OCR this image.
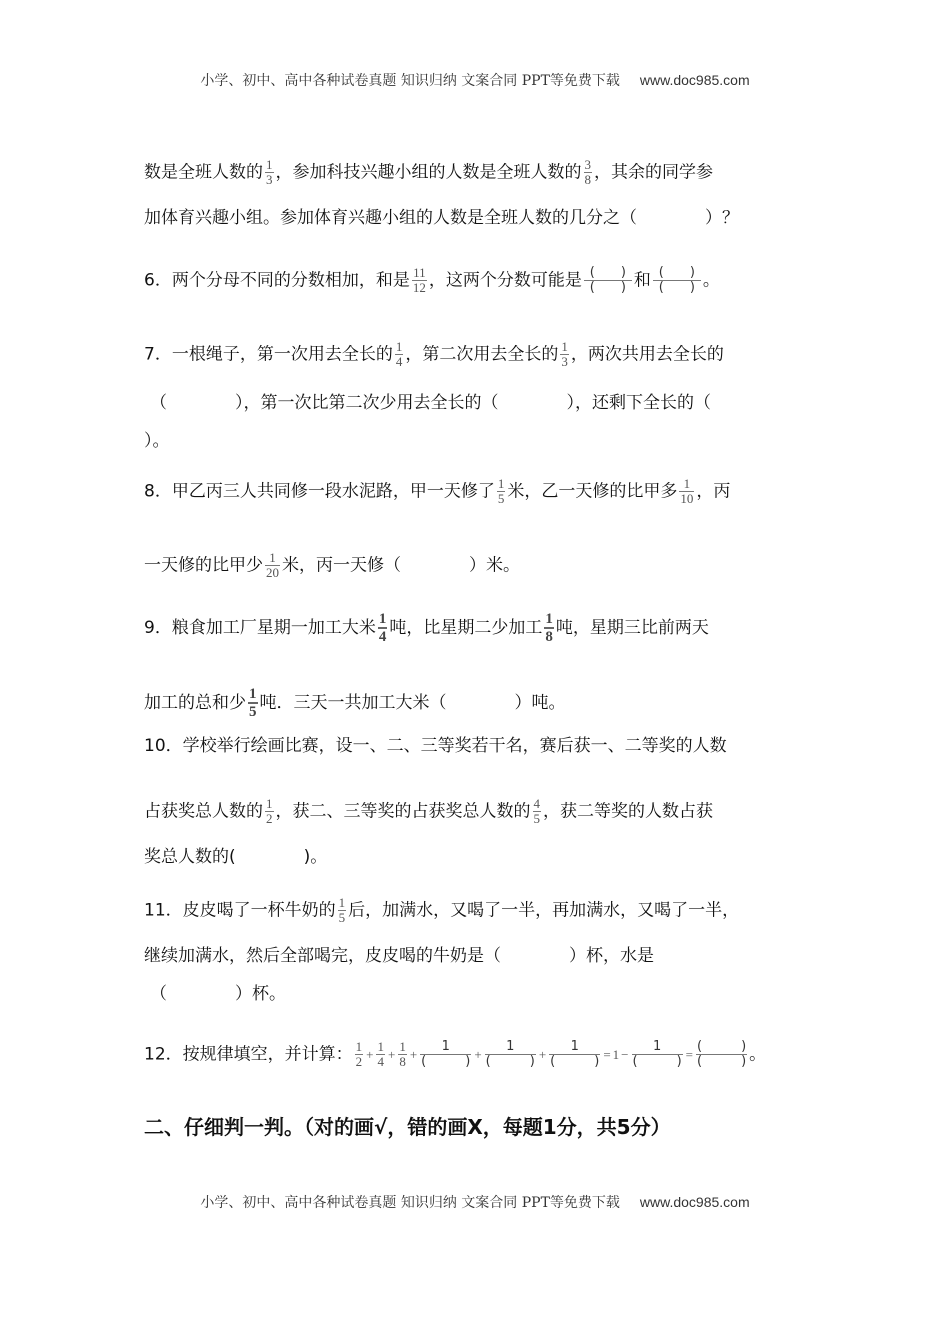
小学、初中、高中各种试卷真题 知识归纳 文案合同 PPT等免费下载 www.doc985.com
数是全班人数的 $\frac{1}{3}$ ，参加科技兴趣小组的人数是全班人数的 $\frac{3}{8}$ ，其余的同学参
加体育兴趣小组。参加体育兴趣小组的人数是全班人数的几分之（　　　　）？
6．两个分母不同的分数相加，和是 $\frac{11}{12}$ ，这两个分数可能是 $\frac{( )}{( )}$ 和 $\frac{( )}{( )}$ 。
7．一根绳子，第一次用去全长的 $\frac{1}{4}$ ，第二次用去全长的 $\frac{1}{3}$ ，两次共用去全长的
（　　　　），第一次比第二次少用去全长的（　　　　），还剩下全长的（
）。
8．甲乙丙三人共同修一段水泥路，甲一天修了 $\frac{1}{5}$ 米，乙一天修的比甲多 $\frac{1}{10}$ ，丙
一天修的比甲少 $\frac{1}{20}$ 米，丙一天修（　　　　）米。
9．粮食加工厂星期一加工大米 $\frac{1}{4}$ 吨，比星期二少加工 $\frac{1}{8}$ 吨，星期三比前两天
加工的总和少 $\frac{1}{5}$ 吨．三天一共加工大米（　　　　）吨。
10．学校举行绘画比赛，设一、二、三等奖若干名，赛后获一、二等奖的人数
占获奖总人数的 $\frac{1}{2}$ ，获二、三等奖的占获奖总人数的 $\frac{4}{5}$ ，获二等奖的人数占获
奖总人数的(　　　　)。
11．皮皮喝了一杯牛奶的 $\frac{1}{5}$ 后，加满水，又喝了一半，再加满水，又喝了一半，
继续加满水，然后全部喝完，皮皮喝的牛奶是（　　　　）杯，水是
（　　　　）杯。
12．按规律填空，并计算： $\frac{1}{2} + \frac{1}{4} + \frac{1}{8} + \frac{1}{( )} + \frac{1}{( )} + \frac{1}{( )} = 1 - \frac{1}{( )} = \frac{( )}{( )}$ 。
二、仔细判一判。（对的画√，错的画X，每题1分，共5分）
小学、初中、高中各种试卷真题 知识归纳 文案合同 PPT等免费下载 www.doc985.com
